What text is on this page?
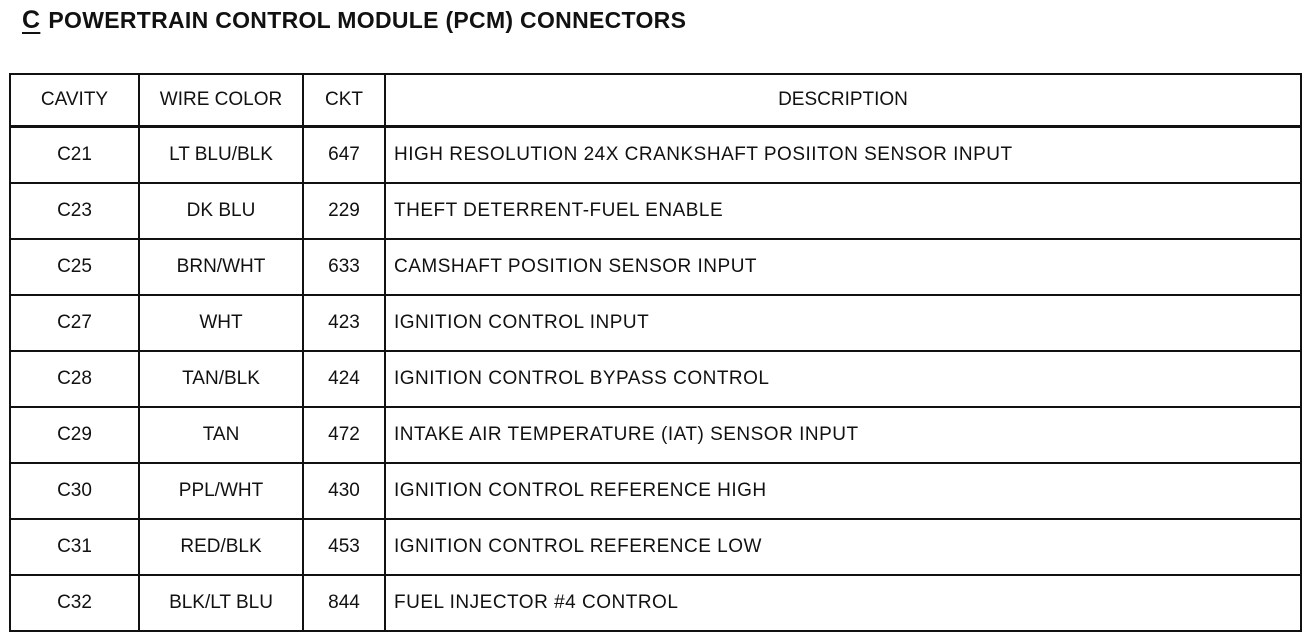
C POWERTRAIN CONTROL MODULE (PCM) CONNECTORS
CAVITY	WIRE COLOR	CKT	DESCRIPTION
C21	LT BLU/BLK	647	HIGH RESOLUTION 24X CRANKSHAFT POSIITON SENSOR INPUT
C23	DK BLU	229	THEFT DETERRENT-FUEL ENABLE
C25	BRN/WHT	633	CAMSHAFT POSITION SENSOR INPUT
C27	WHT	423	IGNITION CONTROL INPUT
C28	TAN/BLK	424	IGNITION CONTROL BYPASS CONTROL
C29	TAN	472	INTAKE AIR TEMPERATURE (IAT) SENSOR INPUT
C30	PPL/WHT	430	IGNITION CONTROL REFERENCE HIGH
C31	RED/BLK	453	IGNITION CONTROL REFERENCE LOW
C32	BLK/LT BLU	844	FUEL INJECTOR #4 CONTROL
